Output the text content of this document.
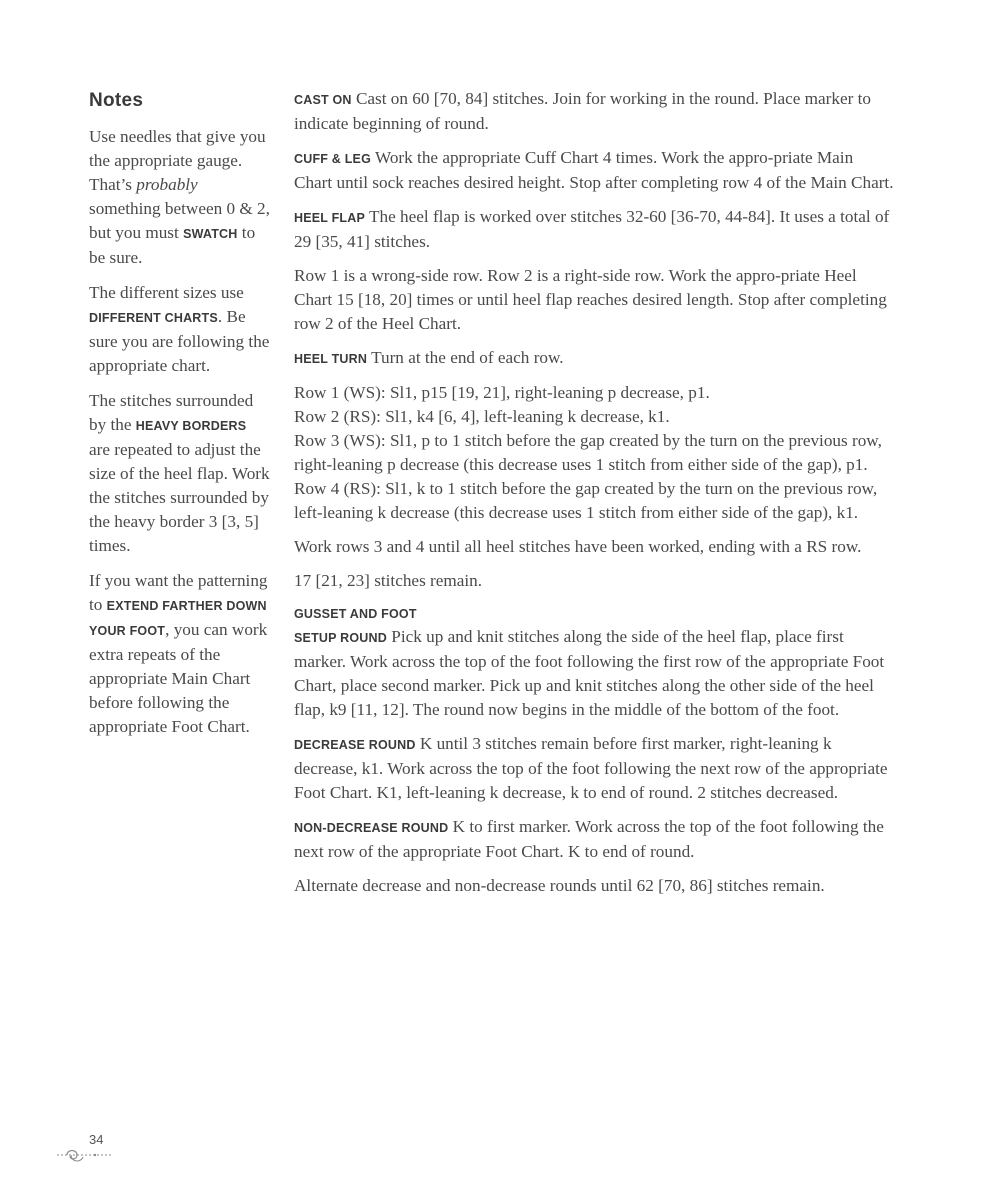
Notes

Use needles that give you the appropriate gauge. That’s probably something between 0 & 2, but you must SWATCH to be sure.

The different sizes use DIFFERENT CHARTS. Be sure you are following the appropriate chart.

The stitches surrounded by the HEAVY BORDERS are repeated to adjust the size of the heel flap. Work the stitches surrounded by the heavy border 3 [3, 5] times.

If you want the patterning to EXTEND FARTHER DOWN YOUR FOOT, you can work extra repeats of the appropriate Main Chart before following the appropriate Foot Chart.

CAST ON Cast on 60 [70, 84] stitches. Join for working in the round. Place marker to indicate beginning of round.

CUFF & LEG Work the appropriate Cuff Chart 4 times. Work the appro-priate Main Chart until sock reaches desired height. Stop after completing row 4 of the Main Chart.

HEEL FLAP The heel flap is worked over stitches 32-60 [36-70, 44-84]. It uses a total of 29 [35, 41] stitches.

Row 1 is a wrong-side row. Row 2 is a right-side row. Work the appro-priate Heel Chart 15 [18, 20] times or until heel flap reaches desired length. Stop after completing row 2 of the Heel Chart.

HEEL TURN Turn at the end of each row.

Row 1 (WS): Sl1, p15 [19, 21], right-leaning p decrease, p1.
Row 2 (RS): Sl1, k4 [6, 4], left-leaning k decrease, k1.
Row 3 (WS): Sl1, p to 1 stitch before the gap created by the turn on the previous row, right-leaning p decrease (this decrease uses 1 stitch from either side of the gap), p1.
Row 4 (RS): Sl1, k to 1 stitch before the gap created by the turn on the previous row, left-leaning k decrease (this decrease uses 1 stitch from either side of the gap), k1.

Work rows 3 and 4 until all heel stitches have been worked, ending with a RS row.

17 [21, 23] stitches remain.

GUSSET AND FOOT

SETUP ROUND Pick up and knit stitches along the side of the heel flap, place first marker. Work across the top of the foot following the first row of the appropriate Foot Chart, place second marker. Pick up and knit stitches along the other side of the heel flap, k9 [11, 12]. The round now begins in the middle of the bottom of the foot.

DECREASE ROUND K until 3 stitches remain before first marker, right-leaning k decrease, k1. Work across the top of the foot following the next row of the appropriate Foot Chart. K1, left-leaning k decrease, k to end of round. 2 stitches decreased.

NON-DECREASE ROUND K to first marker. Work across the top of the foot following the next row of the appropriate Foot Chart. K to end of round.

Alternate decrease and non-decrease rounds until 62 [70, 86] stitches remain.

34
